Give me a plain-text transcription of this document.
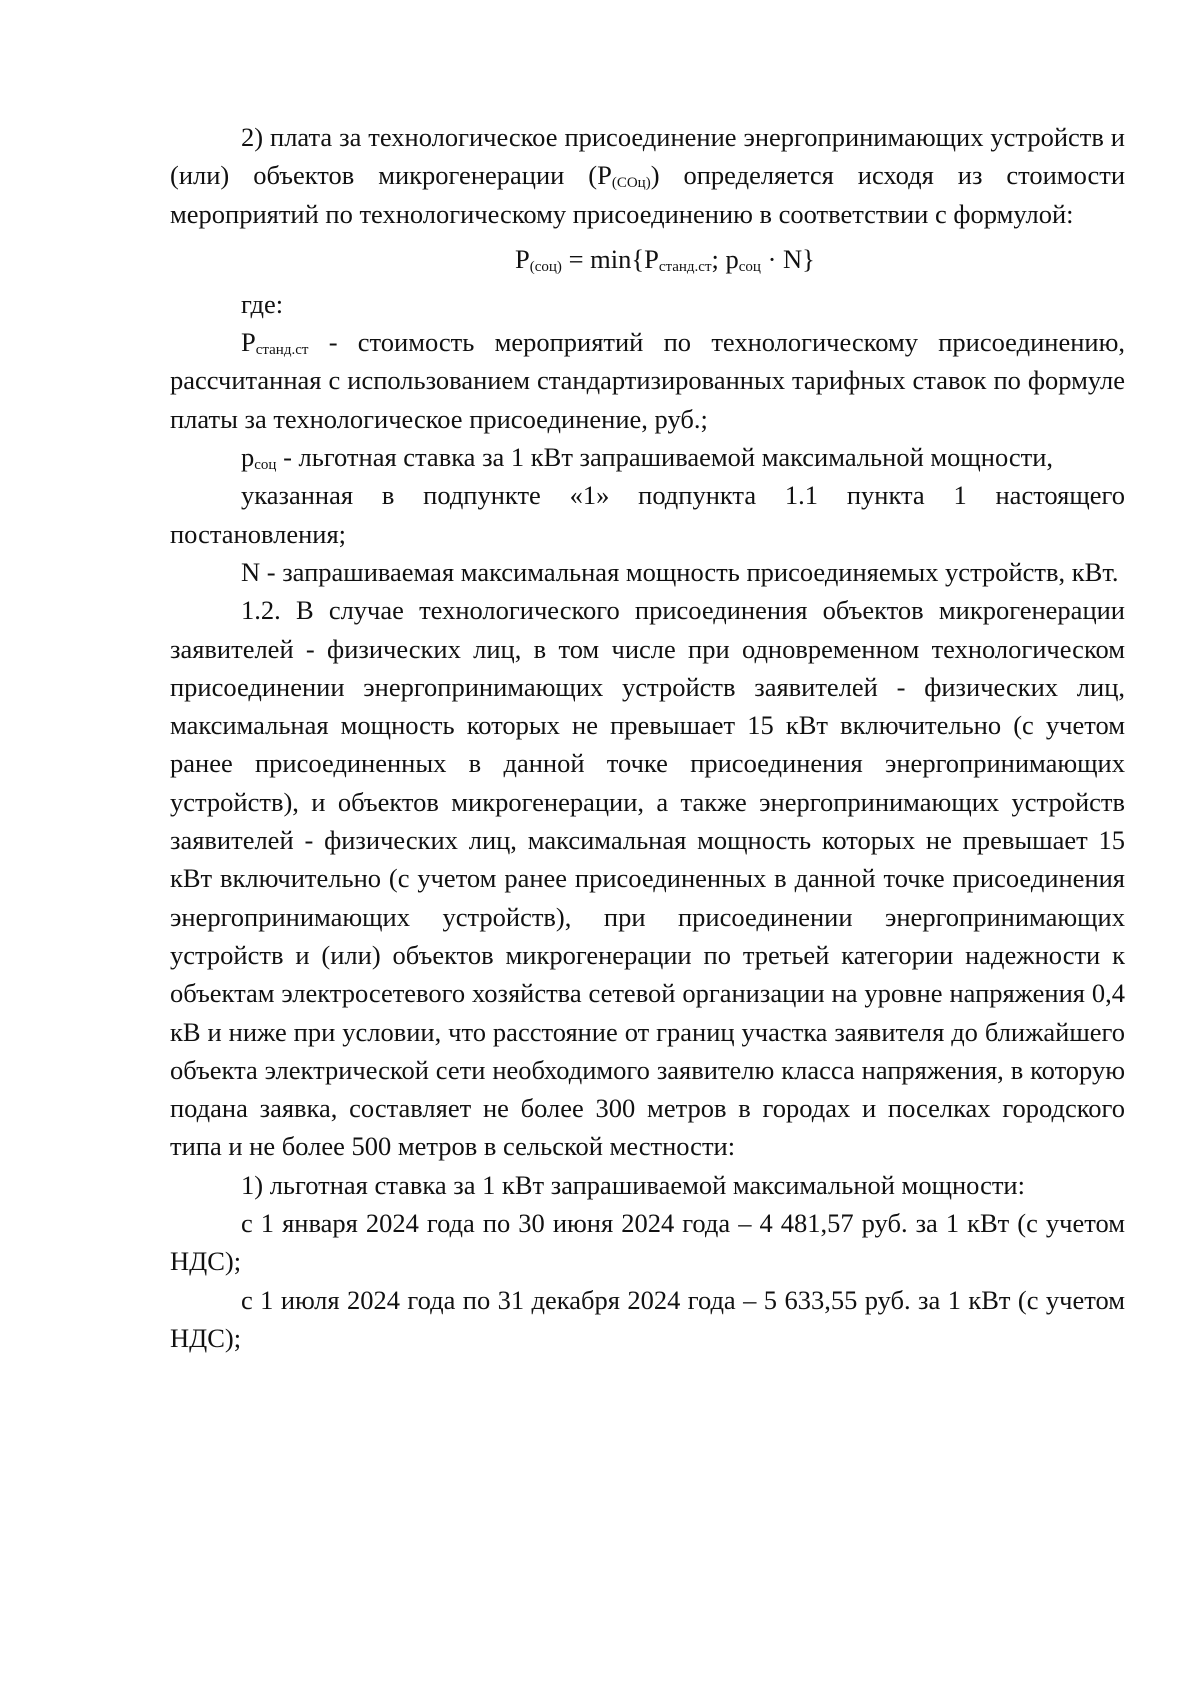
2) плата за технологическое присоединение энергопринимающих устройств и (или) объектов микрогенерации $(P_{(COц)})$ определяется исходя из стоимости мероприятий по технологическому присоединению в соответствии с формулой:

$P_{(соц)} = \min\{P_{станд.ст}$; $p_{соц} \cdot N$}

где:

$P_{станд.ст}$ - стоимость мероприятий по технологическому присоединению, рассчитанная с использованием стандартизированных тарифных ставок по формуле платы за технологическое присоединение, руб.;

$p_{соц}$ - льготная ставка за 1 кВт запрашиваемой максимальной мощности,

указанная в подпункте «1» подпункта 1.1 пункта 1 настоящего

постановления;

N - запрашиваемая максимальная мощность присоединяемых устройств, кВт.

1.2. В случае технологического присоединения объектов микрогенерации заявителей - физических лиц, в том числе при одновременном технологическом присоединении энергопринимающих устройств заявителей - физических лиц, максимальная мощность которых не превышает 15 кВт включительно (с учетом ранее присоединенных в данной точке присоединения энергопринимающих устройств), и объектов микрогенерации, а также энергопринимающих устройств заявителей - физических лиц, максимальная мощность которых не превышает 15 кВт включительно (с учетом ранее присоединенных в данной точке присоединения энергопринимающих устройств), при присоединении энергопринимающих устройств и (или) объектов микрогенерации по третьей категории надежности к объектам электросетевого хозяйства сетевой организации на уровне напряжения 0,4 кВ и ниже при условии, что расстояние от границ участка заявителя до ближайшего объекта электрической сети необходимого заявителю класса напряжения, в которую подана заявка, составляет не более 300 метров в городах и поселках городского типа и не более 500 метров в сельской местности:

1) льготная ставка за 1 кВт запрашиваемой максимальной мощности:

с 1 января 2024 года по 30 июня 2024 года – 4 481,57 руб. за 1 кВт (с учетом НДС);

с 1 июля 2024 года по 31 декабря 2024 года – 5 633,55 руб. за 1 кВт (с учетом НДС);
